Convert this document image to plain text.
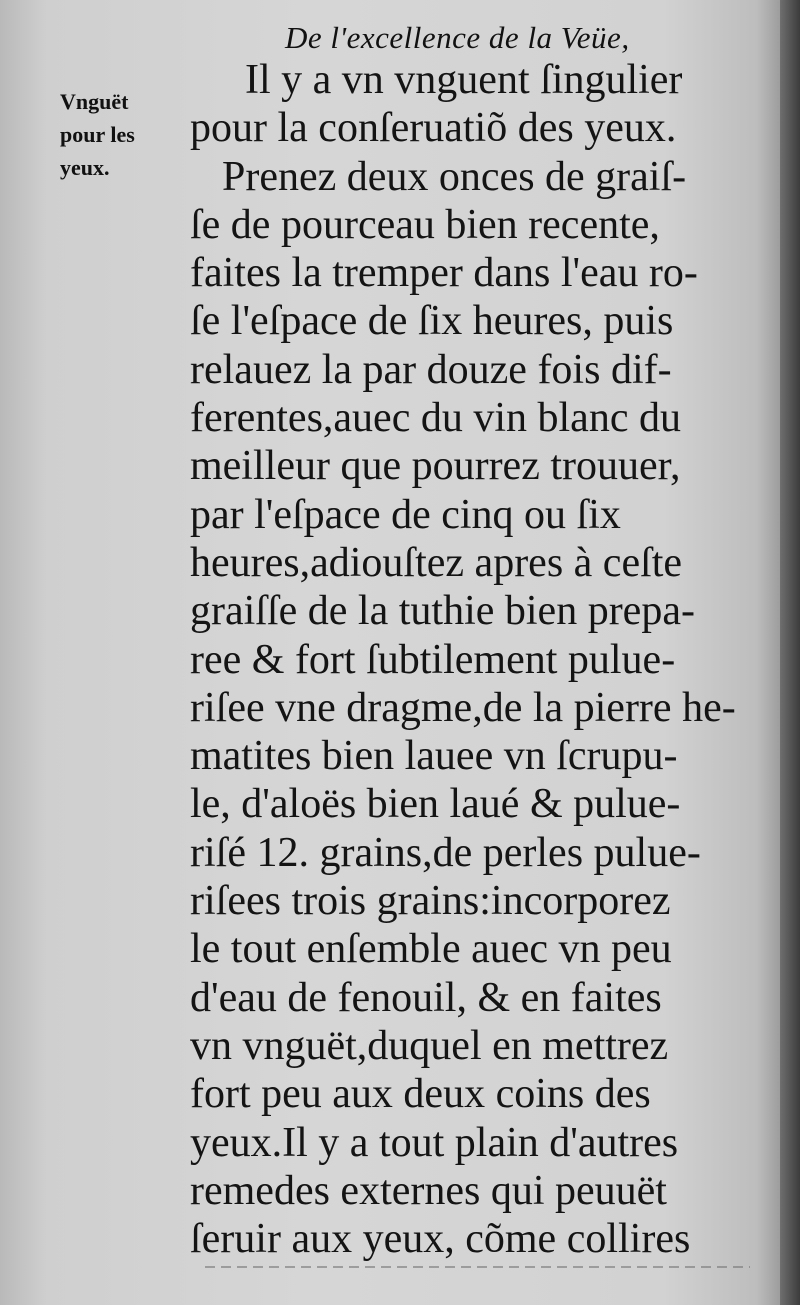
De l'excellence de la Veüe,
Vnguët
pour les
yeux.
Il y a vn vnguent ſingulier
pour la conſeruatiõ des yeux.
Prenez deux onces de graiſ-
ſe de pourceau bien recente,
faites la tremper dans l'eau ro-
ſe l'eſpace de ſix heures, puis
relauez la par douze fois dif-
ferentes,auec du vin blanc du
meilleur que pourrez trouuer,
par l'eſpace de cinq ou ſix
heures,adiouſtez apres à ceſte
graiſſe de la tuthie bien prepa-
ree & fort ſubtilement pulue-
riſee vne dragme,de la pierre he-
matites bien lauee vn ſcrupu-
le, d'aloës bien laué & pulue-
riſé 12. grains,de perles pulue-
riſees trois grains:incorporez
le tout enſemble auec vn peu
d'eau de fenouil, & en faites
vn vnguët,duquel en mettrez
fort peu aux deux coins des
yeux.Il y a tout plain d'autres
remedes externes qui peuuët
ſeruir aux yeux, cõme collires
